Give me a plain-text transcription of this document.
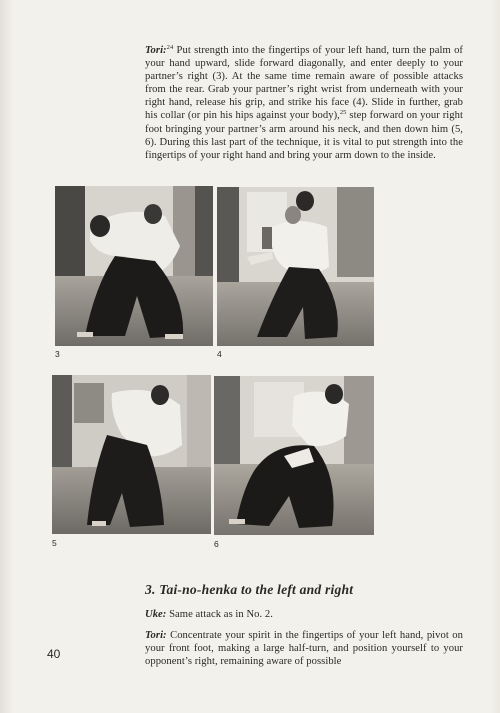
Tori:$^{24}$ Put strength into the fingertips of your left hand, turn the palm of your hand upward, slide forward diagonally, and enter deeply to your partner’s right (3). At the same time remain aware of possible attacks from the rear. Grab your partner’s right wrist from underneath with your right hand, release his grip, and strike his face (4). Slide in further, grab his collar (or pin his hips against your body),$^{25}$ step forward on your right foot bringing your partner’s arm around his neck, and then down him (5, 6). During this last part of the technique, it is vital to put strength into the fingertips of your right hand and bring your arm down to the inside.

3	4
5	6
3. Tai-no-henka to the left and right

Uke: Same attack as in No. 2.

Tori: Concentrate your spirit in the fingertips of your left hand, pivot on your front foot, making a large half-turn, and position yourself to your opponent’s right, remaining aware of possible

40
